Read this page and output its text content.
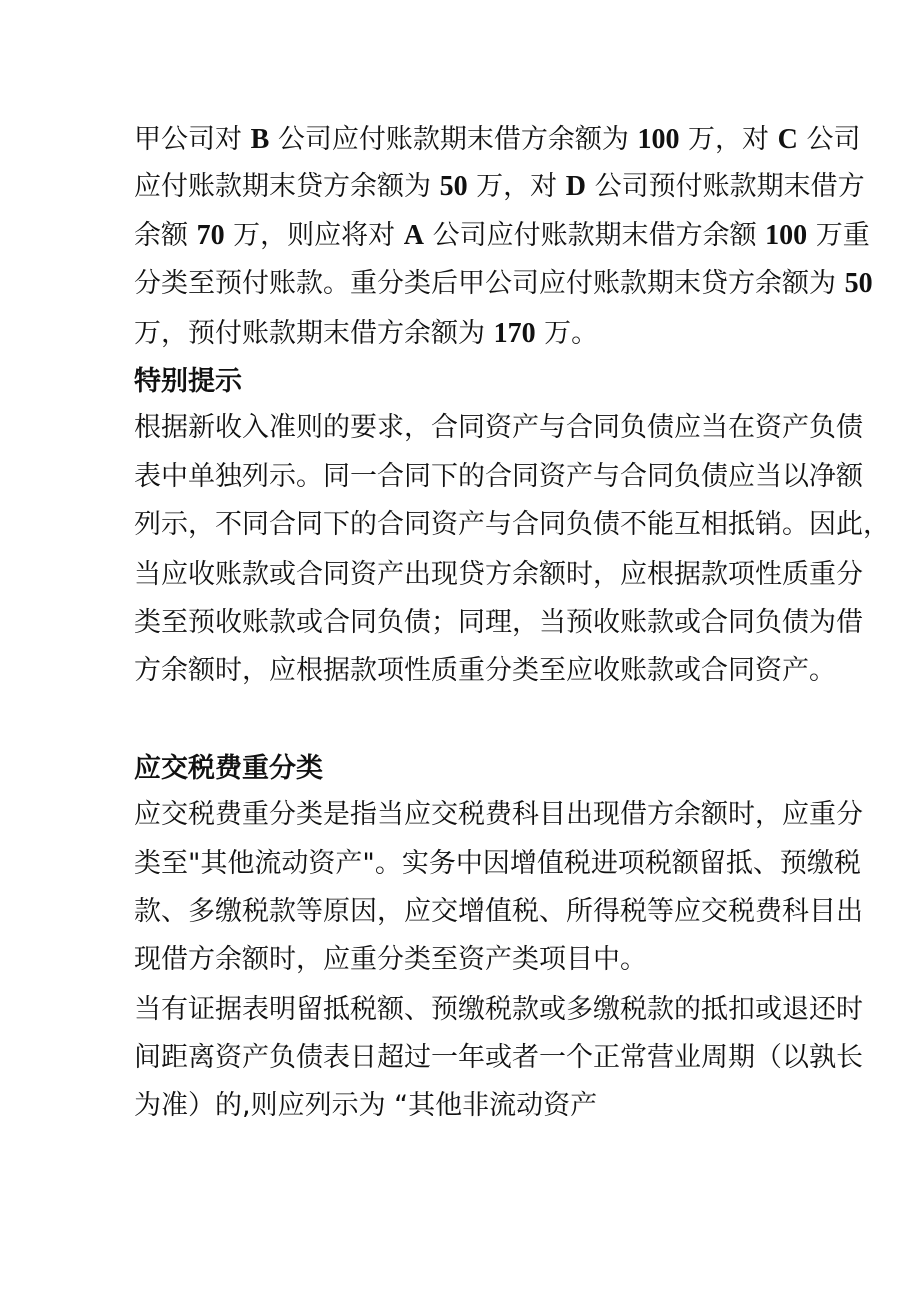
甲公司对 B 公司应付账款期末借方余额为 100 万，对 C 公司
应付账款期末贷方余额为 50 万，对 D 公司预付账款期末借方
余额 70 万，则应将对 A 公司应付账款期末借方余额 100 万重
分类至预付账款。重分类后甲公司应付账款期末贷方余额为 50
万，预付账款期末借方余额为 170 万。
特别提示
根据新收入准则的要求，合同资产与合同负债应当在资产负债
表中单独列示。同一合同下的合同资产与合同负债应当以净额
列示，不同合同下的合同资产与合同负债不能互相抵销。因此，
当应收账款或合同资产出现贷方余额时，应根据款项性质重分
类至预收账款或合同负债；同理，当预收账款或合同负债为借
方余额时，应根据款项性质重分类至应收账款或合同资产。
应交税费重分类
应交税费重分类是指当应交税费科目出现借方余额时，应重分
类至"其他流动资产"。实务中因增值税进项税额留抵、预缴税
款、多缴税款等原因，应交增值税、所得税等应交税费科目出
现借方余额时，应重分类至资产类项目中。
当有证据表明留抵税额、预缴税款或多缴税款的抵扣或退还时
间距离资产负债表日超过一年或者一个正常营业周期（以孰长
为准）的,则应列示为 “其他非流动资产
